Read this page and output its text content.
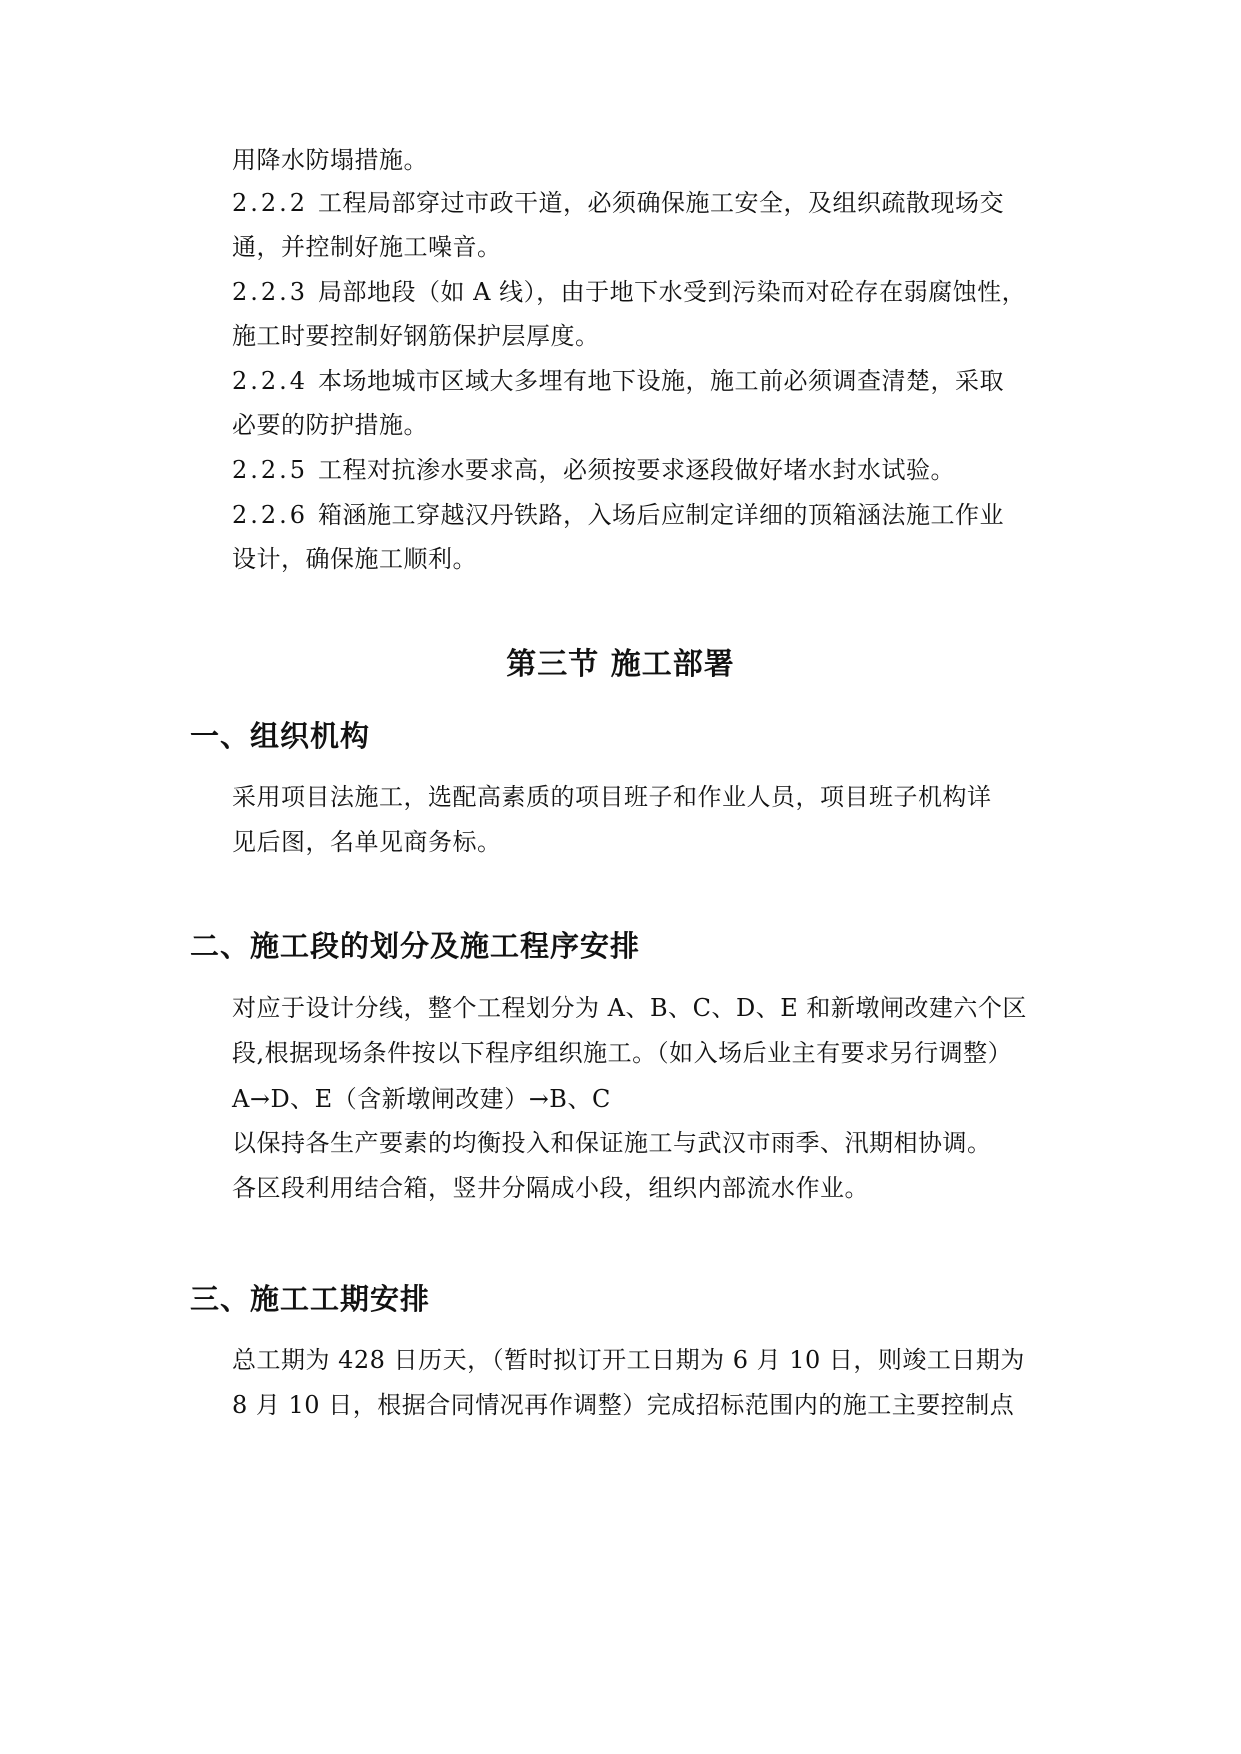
用降水防塌措施。
2.2.2 工程局部穿过市政干道，必须确保施工安全，及组织疏散现场交
通，并控制好施工噪音。
2.2.3 局部地段（如 A 线），由于地下水受到污染而对砼存在弱腐蚀性，
施工时要控制好钢筋保护层厚度。
2.2.4 本场地城市区域大多埋有地下设施，施工前必须调查清楚，采取
必要的防护措施。
2.2.5 工程对抗渗水要求高，必须按要求逐段做好堵水封水试验。
2.2.6 箱涵施工穿越汉丹铁路，入场后应制定详细的顶箱涵法施工作业
设计，确保施工顺利。
第三节 施工部署
一、组织机构
采用项目法施工，选配高素质的项目班子和作业人员，项目班子机构详
见后图，名单见商务标。
二、施工段的划分及施工程序安排
对应于设计分线，整个工程划分为 A、B、C、D、E 和新墩闸改建六个区
段,根据现场条件按以下程序组织施工。（如入场后业主有要求另行调整）
A→D、E（含新墩闸改建）→B、C
以保持各生产要素的均衡投入和保证施工与武汉市雨季、汛期相协调。
各区段利用结合箱，竖井分隔成小段，组织内部流水作业。
三、施工工期安排
总工期为 428 日历天，（暂时拟订开工日期为 6 月 10 日，则竣工日期为
8 月 10 日，根据合同情况再作调整）完成招标范围内的施工主要控制点
